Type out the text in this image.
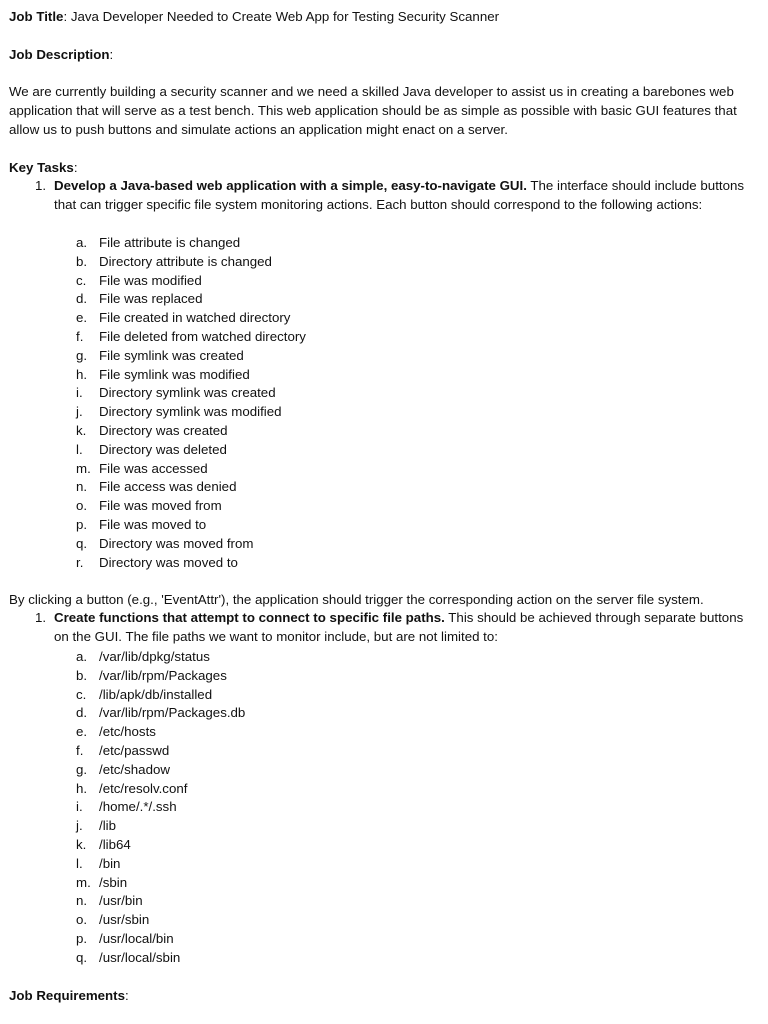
Job Title: Java Developer Needed to Create Web App for Testing Security Scanner
Job Description:
We are currently building a security scanner and we need a skilled Java developer to assist us in creating a barebones web application that will serve as a test bench. This web application should be as simple as possible with basic GUI features that allow us to push buttons and simulate actions an application might enact on a server.
Key Tasks:
1. Develop a Java-based web application with a simple, easy-to-navigate GUI. The interface should include buttons that can trigger specific file system monitoring actions. Each button should correspond to the following actions:
a. File attribute is changed
b. Directory attribute is changed
c. File was modified
d. File was replaced
e. File created in watched directory
f. File deleted from watched directory
g. File symlink was created
h. File symlink was modified
i. Directory symlink was created
j. Directory symlink was modified
k. Directory was created
l. Directory was deleted
m. File was accessed
n. File access was denied
o. File was moved from
p. File was moved to
q. Directory was moved from
r. Directory was moved to
By clicking a button (e.g., 'EventAttr'), the application should trigger the corresponding action on the server file system.
1. Create functions that attempt to connect to specific file paths. This should be achieved through separate buttons on the GUI. The file paths we want to monitor include, but are not limited to:
a. /var/lib/dpkg/status
b. /var/lib/rpm/Packages
c. /lib/apk/db/installed
d. /var/lib/rpm/Packages.db
e. /etc/hosts
f. /etc/passwd
g. /etc/shadow
h. /etc/resolv.conf
i. /home/.*/.ssh
j. /lib
k. /lib64
l. /bin
m. /sbin
n. /usr/bin
o. /usr/sbin
p. /usr/local/bin
q. /usr/local/sbin
Job Requirements:
